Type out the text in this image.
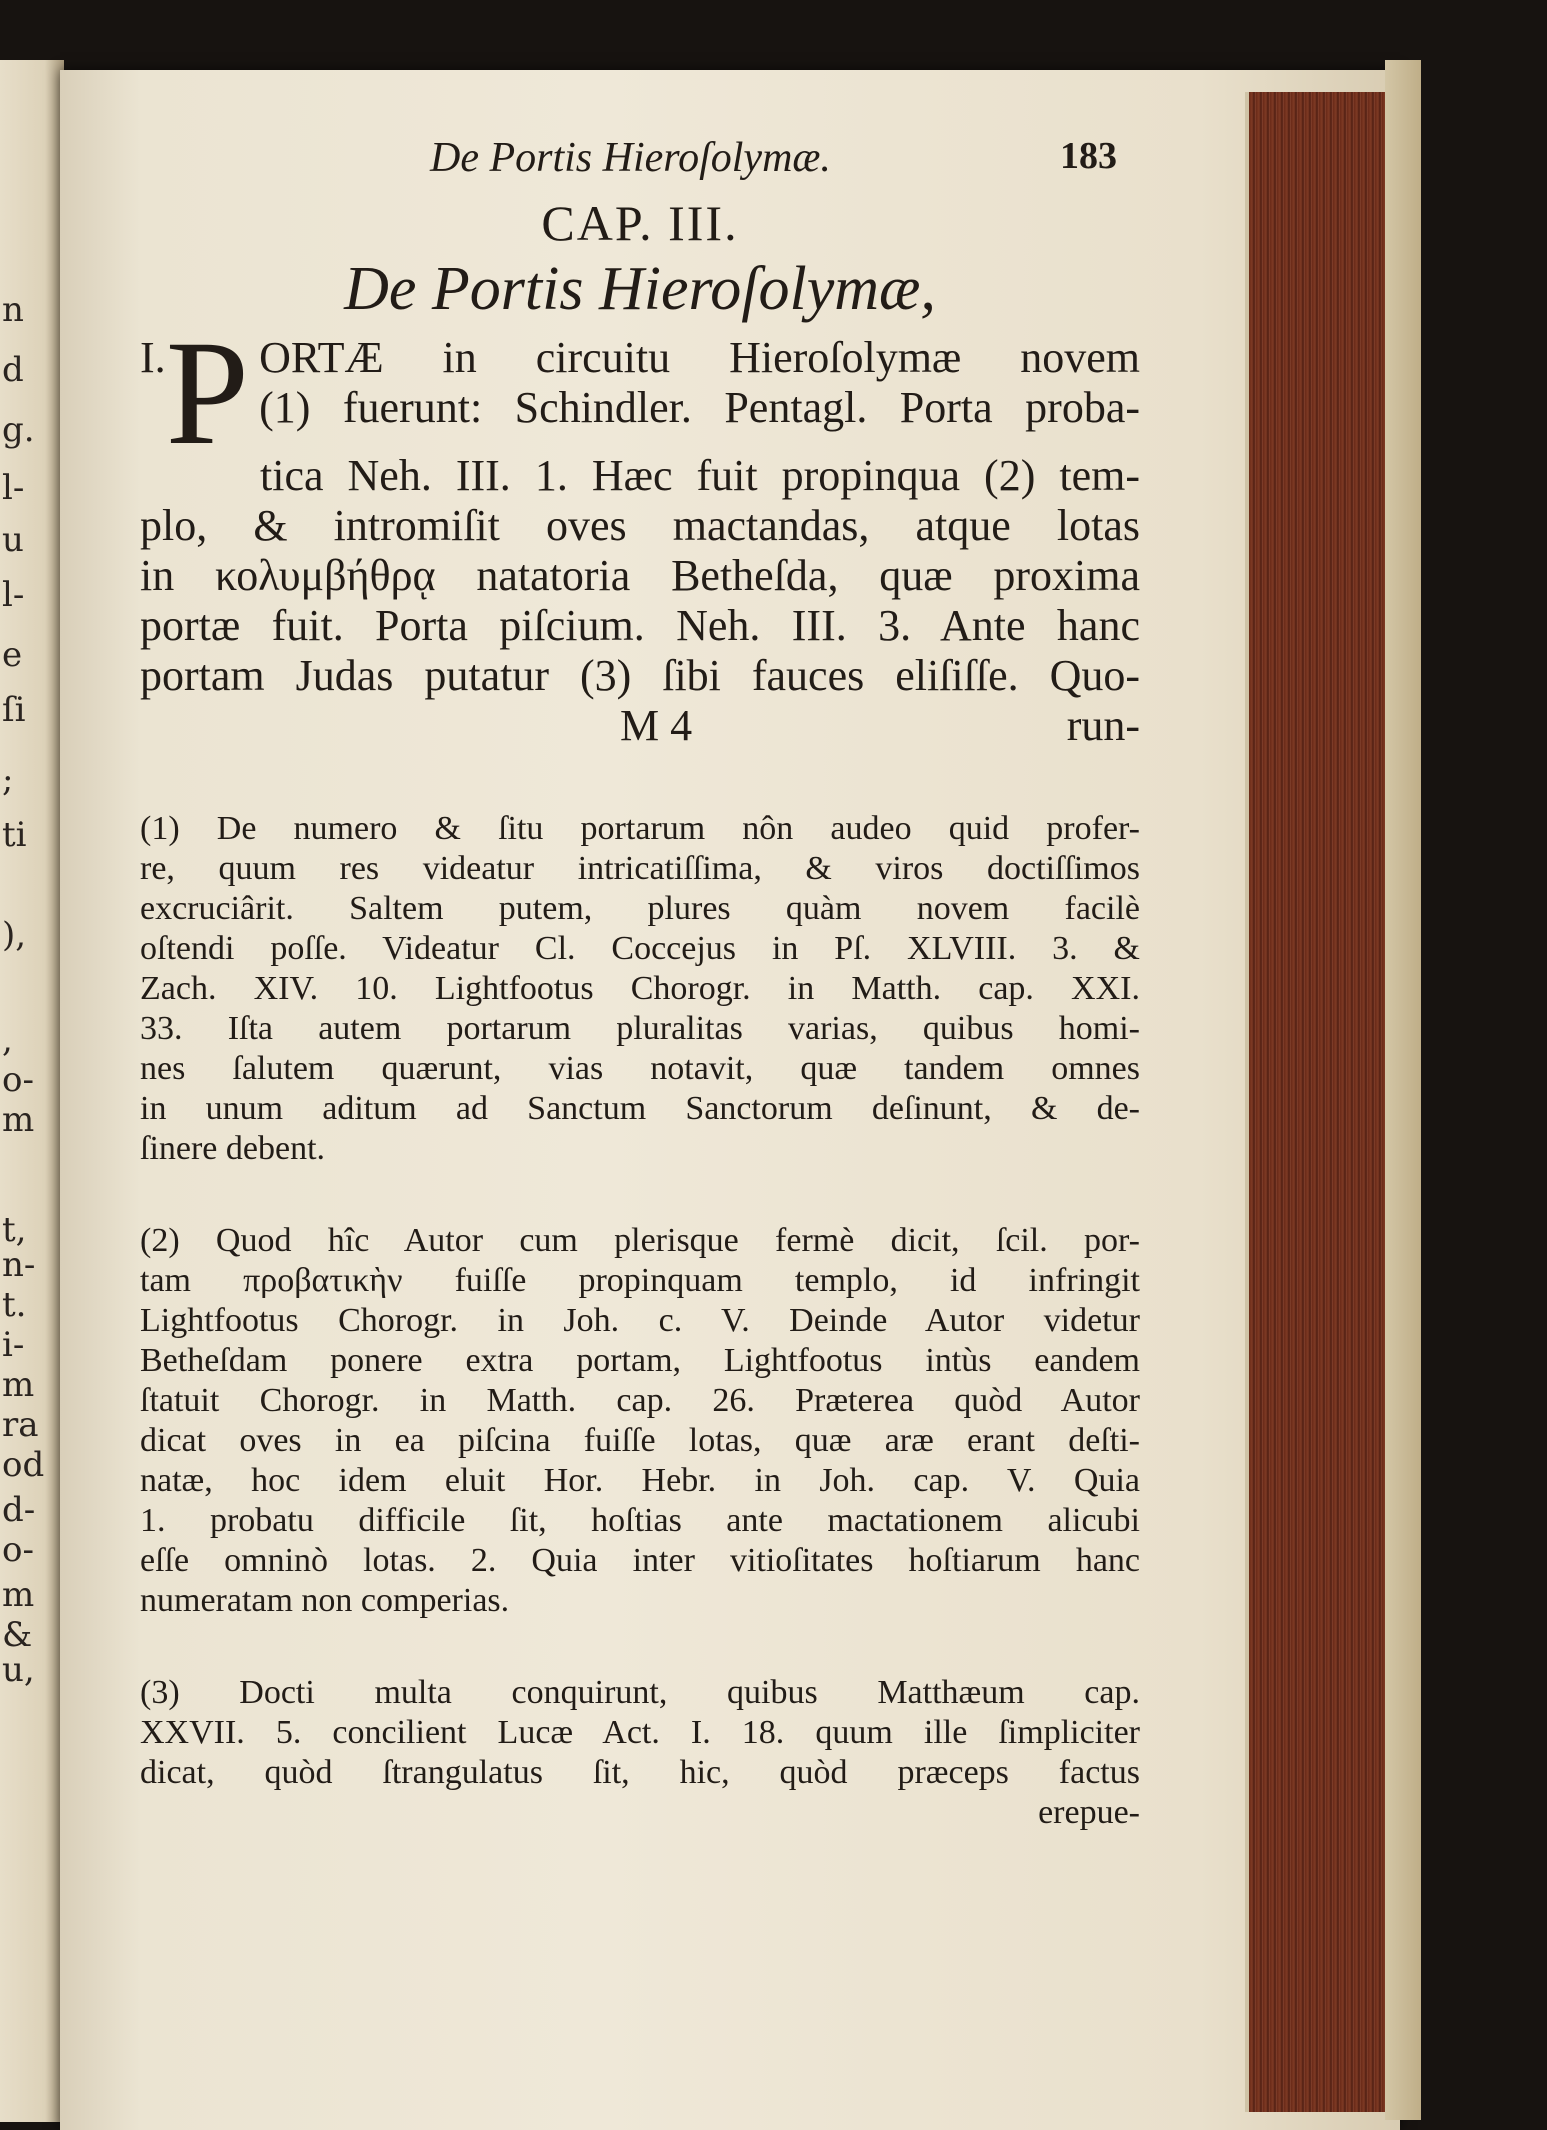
n
d
g.
l-
u
l-
e
ſi
;
ti
),
,
o-
m
t,
n-
t.
i-
m
ra
od
d-
o-
m
&
u,
De Portis Hieroſolymæ.	183
CAP. III.
De Portis Hieroſolymæ,
I. P ORTÆ in circuitu Hieroſolymæ novem
(1) fuerunt: Schindler. Pentagl. Porta proba-
tica Neh. III. 1. Hæc fuit propinqua (2) tem-
plo, & intromiſit oves mactandas, atque lotas
in κολυμβήθρᾳ natatoria Betheſda, quæ proxima
portæ fuit. Porta piſcium. Neh. III. 3. Ante hanc
portam Judas putatur (3) ſibi fauces eliſiſſe. Quo-
M 4	run-
(1) De numero & ſitu portarum nôn audeo quid profer-
re, quum res videatur intricatiſſima, & viros doctiſſimos
excruciârit. Saltem putem, plures quàm novem facilè
oſtendi poſſe. Videatur Cl. Coccejus in Pſ. XLVIII. 3. &
Zach. XIV. 10. Lightfootus Chorogr. in Matth. cap. XXI.
33. Iſta autem portarum pluralitas varias, quibus homi-
nes ſalutem quærunt, vias notavit, quæ tandem omnes
in unum aditum ad Sanctum Sanctorum deſinunt, & de-
ſinere debent.
(2) Quod hîc Autor cum plerisque fermè dicit, ſcil. por-
tam προβατικὴν fuiſſe propinquam templo, id infringit
Lightfootus Chorogr. in Joh. c. V. Deinde Autor videtur
Betheſdam ponere extra portam, Lightfootus intùs eandem
ſtatuit Chorogr. in Matth. cap. 26. Præterea quòd Autor
dicat oves in ea piſcina fuiſſe lotas, quæ aræ erant deſti-
natæ, hoc idem eluit Hor. Hebr. in Joh. cap. V. Quia
1. probatu difficile ſit, hoſtias ante mactationem alicubi
eſſe omninò lotas. 2. Quia inter vitioſitates hoſtiarum hanc
numeratam non comperias.
(3) Docti multa conquirunt, quibus Matthæum cap.
XXVII. 5. concilient Lucæ Act. I. 18. quum ille ſimpliciter
dicat, quòd ſtrangulatus ſit, hic, quòd præceps factus
erepue-
